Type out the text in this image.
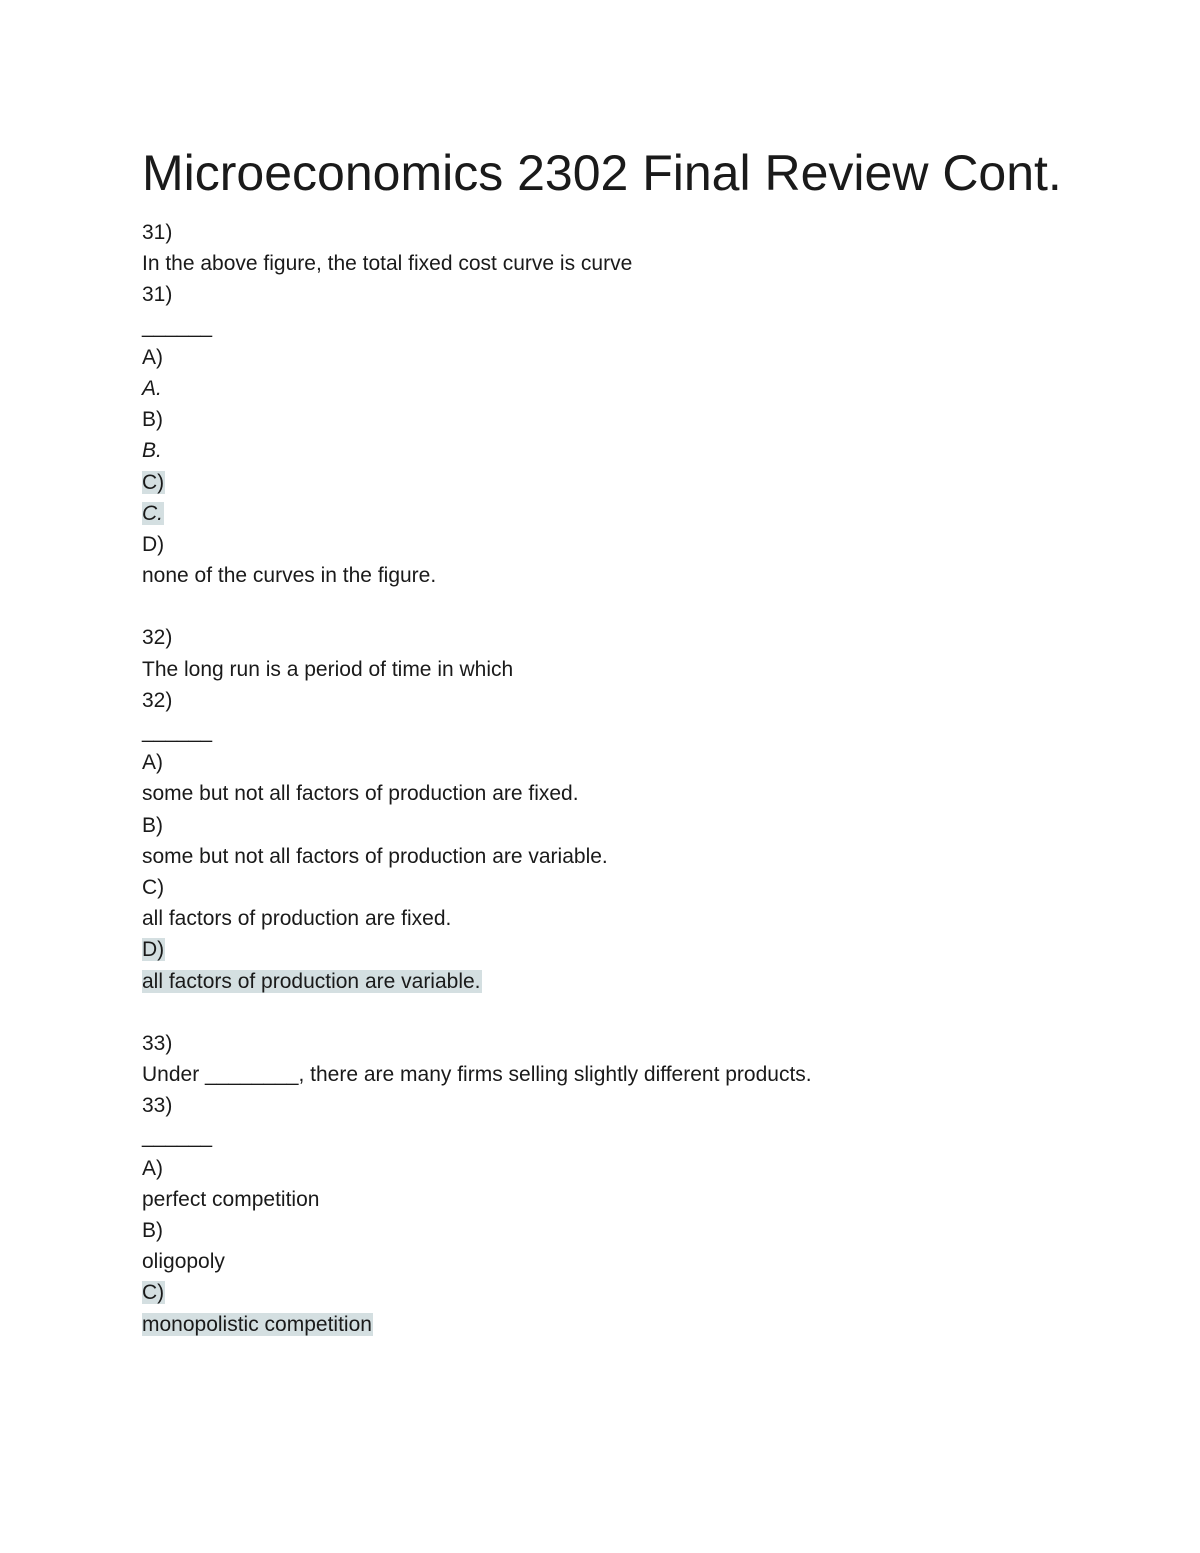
Microeconomics 2302 Final Review Cont.
31)
In the above figure, the total fixed cost curve is curve
31)
______
A)
A.
B)
B.
C)
C.
D)
none of the curves in the figure.
32)
The long run is a period of time in which
32)
______
A)
some but not all factors of production are fixed.
B)
some but not all factors of production are variable.
C)
all factors of production are fixed.
D)
all factors of production are variable.
33)
Under ________, there are many firms selling slightly different products.
33)
______
A)
perfect competition
B)
oligopoly
C)
monopolistic competition
